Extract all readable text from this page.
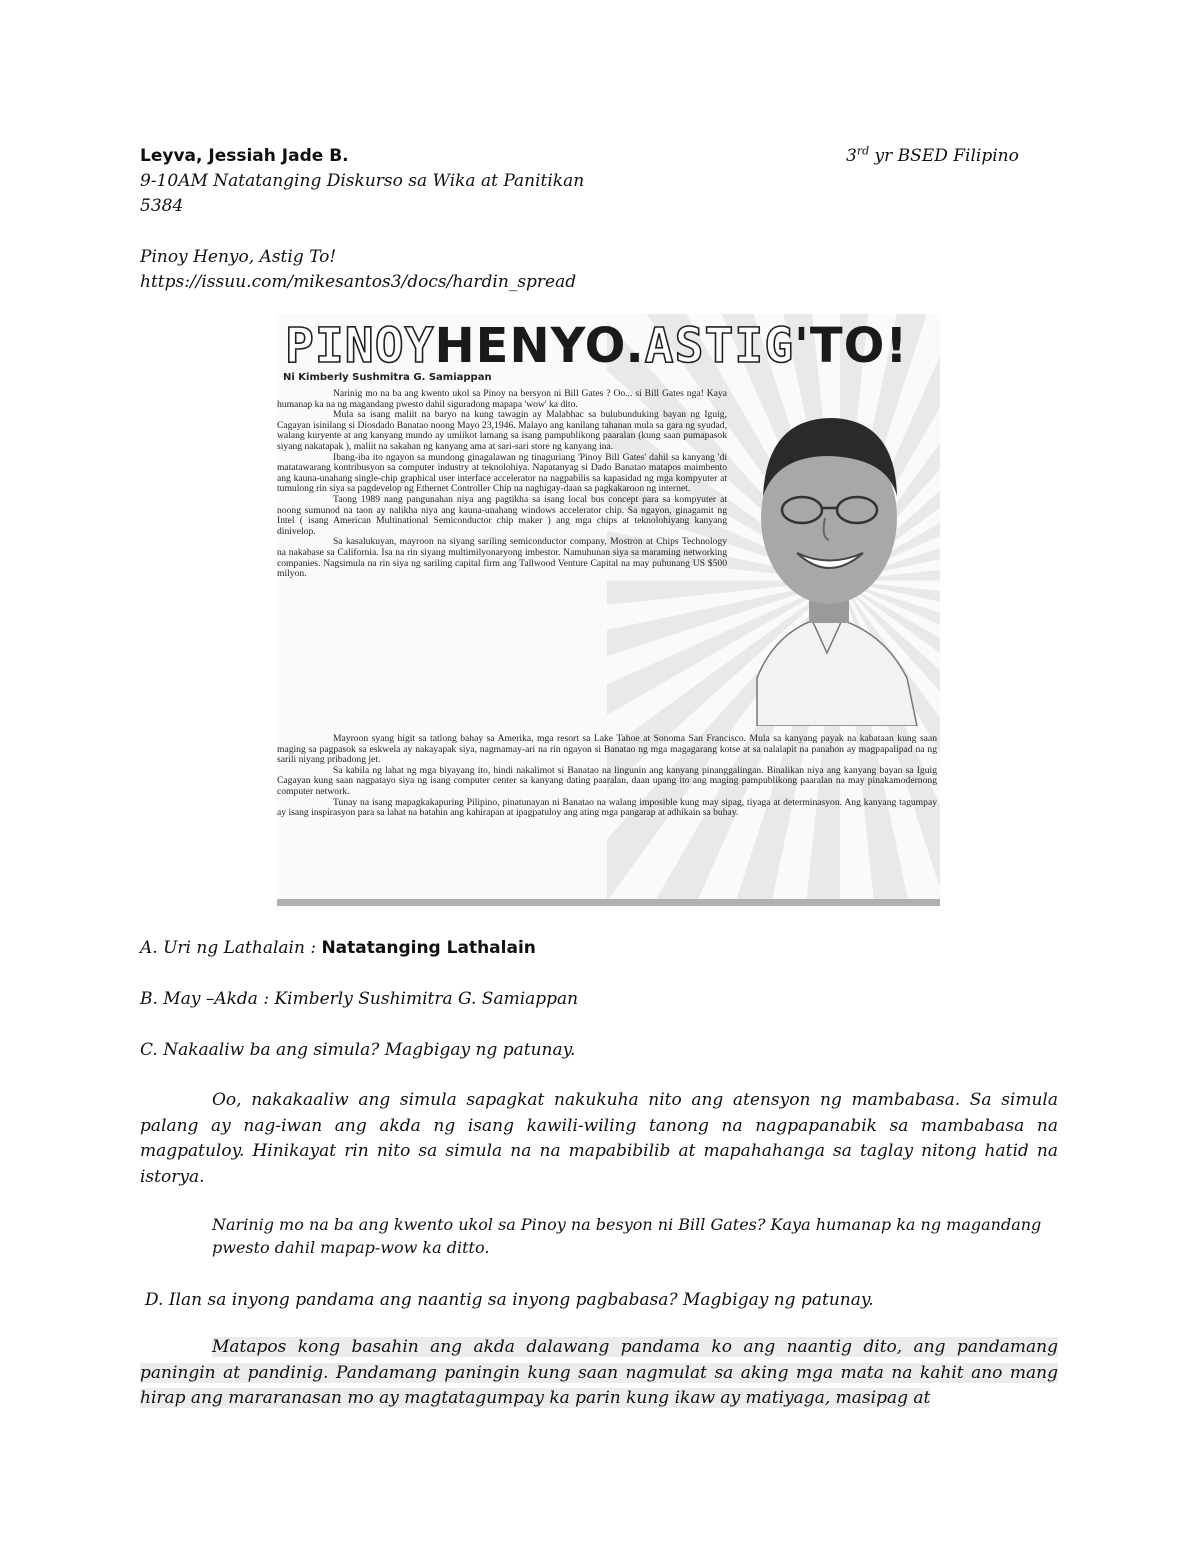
Leyva, Jessiah Jade B.	3rd yr BSED Filipino
9-10AM Natatanging Diskurso sa Wika at Panitikan
5384
Pinoy Henyo, Astig To!
https://issuu.com/mikesantos3/docs/hardin_spread
PINOYHENYO.ASTIG'TO!
Ni Kimberly Sushmitra G. Samiappan

Narinig mo na ba ang kwento ukol sa Pinoy na bersyon ni Bill Gates ? Oo... si Bill Gates nga! Kaya humanap ka na ng magandang pwesto dahil siguradong mapapa 'wow' ka dito.

Mula sa isang maliit na baryo na kung tawagin ay Malabhac sa bulubunduking bayan ng Iguig, Cagayan isinilang si Diosdado Banatao noong Mayo 23,1946. Malayo ang kanilang tahanan mula sa gara ng syudad, walang kuryente at ang kanyang mundo ay umiikot lamang sa isang pampublikong paaralan (kung saan pumapasok siyang nakatapak ), maliit na sakahan ng kanyang ama at sari-sari store ng kanyang ina.

Ibang-iba ito ngayon sa mundong ginagalawan ng tinaguriang 'Pinoy Bill Gates' dahil sa kanyang 'di matatawarang kontribusyon sa computer industry at teknolohiya. Napatanyag si Dado Banatao matapos maimbento ang kauna-unahang single-chip graphical user interface accelerator na nagpabilis sa kapasidad ng mga kompyuter at tumulong rin siya sa pagdevelop ng Ethernet Controller Chip na naghigay-daan sa pagkakaroon ng internet.

Taong 1989 nang pangunahan niya ang pagtikha sa isang local bus concept para sa kompyuter at noong sumunod na taon ay nalikha niya ang kauna-unahang windows accelerator chip. Sa ngayon, ginagamit ng Intel ( isang American Multinational Semiconductor chip maker ) ang mga chips at teknolohiyang kanyang dinivelop.

Sa kasalukuyan, mayroon na siyang sariling semiconductor company, Mostron at Chips Technology na nakabase sa California. Isa na rin siyang multimilyonaryong imbestor. Namuhunan siya sa maraming networking companies. Nagsimula na rin siya ng sariling capital firm ang Tallwood Venture Capital na may puhunang US $500 milyon.

Mayroon syang higit sa tatlong bahay sa Amerika, mga resort sa Lake Tahoe at Sonoma San Francisco. Mula sa kanyang payak na kabataan kung saan maging sa pagpasok sa eskwela ay nakayapak siya, nagmamay-ari na rin ngayon si Banatao ng mga magagarang kotse at sa nalalapit na panahon ay magpapalipad na ng sarili niyang pribadong jet.

Sa kabila ng lahat ng mga biyayang ito, hindi nakalimot si Banatao na lingunin ang kanyang pinanggalingan. Binalikan niya ang kanyang bayan sa Iguig Cagayan kung saan nagpatayo siya ng isang computer center sa kanyang dating paaralan, daan upang ito ang maging pampublikong paaralan na may pinakamodernong computer network.

Tunay na isang mapagkakapuring Pilipino, pinatunayan ni Banatao na walang imposible kung may sipag, tiyaga at determinasyon. Ang kanyang tagumpay ay isang inspirasyon para sa lahat na batahin ang kahirapan at ipagpatuloy ang ating mga pangarap at adhikain sa buhay.

A. Uri ng Lathalain : Natatanging Lathalain
B. May –Akda : Kimberly Sushimitra G. Samiappan
C. Nakaaliw ba ang simula? Magbigay ng patunay.

Oo, nakakaaliw ang simula sapagkat nakukuha nito ang atensyon ng mambabasa. Sa simula palang ay nag-iwan ang akda ng isang kawili-wiling tanong na nagpapanabik sa mambabasa na magpatuloy. Hinikayat rin nito sa simula na na mapabibilib at mapahahanga sa taglay nitong hatid na istorya.

Narinig mo na ba ang kwento ukol sa Pinoy na besyon ni Bill Gates? Kaya humanap ka ng magandang pwesto dahil mapap-wow ka ditto.
D. Ilan sa inyong pandama ang naantig sa inyong pagbabasa? Magbigay ng patunay.

Matapos kong basahin ang akda dalawang pandama ko ang naantig dito, ang pandamang paningin at pandinig. Pandamang paningin kung saan nagmulat sa aking mga mata na kahit ano mang hirap ang mararanasan mo ay magtatagumpay ka parin kung ikaw ay matiyaga, masipag at
